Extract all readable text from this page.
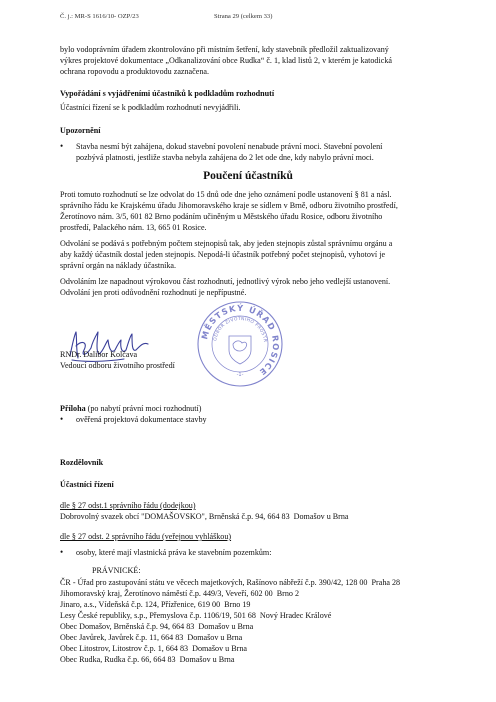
Č. j.: MR-S 1616/10- OZP/23	Strana 29 (celkem 33)
bylo vodoprávním úřadem zkontrolováno při místním šetření, kdy stavebník předložil zaktualizovaný
výkres projektové dokumentace „Odkanalizování obce Rudka“ č. 1, klad listů 2, v kterém je katodická
ochrana ropovodu a produktovodu zaznačena.
Vypořádání s vyjádřeními účastníků k podkladům rozhodnutí
Účastníci řízení se k podkladům rozhodnutí nevyjádřili.
Upozornění
• Stavba nesmí být zahájena, dokud stavební povolení nenabude právní moci. Stavební povolení
pozbývá platnosti, jestliže stavba nebyla zahájena do 2 let ode dne, kdy nabylo právní moci.
Poučení účastníků
Proti tomuto rozhodnutí se lze odvolat do 15 dnů ode dne jeho oznámení podle ustanovení § 81 a násl.
správního řádu ke Krajskému úřadu Jihomoravského kraje se sídlem v Brně, odboru životního prostředí,
Žerotínovo nám. 3/5, 601 82 Brno podáním učiněným u Městského úřadu Rosice, odboru životního
prostředí, Palackého nám. 13, 665 01 Rosice.
Odvolání se podává s potřebným počtem stejnopisů tak, aby jeden stejnopis zůstal správnímu orgánu a
aby každý účastník dostal jeden stejnopis. Nepodá-li účastník potřebný počet stejnopisů, vyhotoví je
správní orgán na náklady účastníka.
Odvoláním lze napadnout výrokovou část rozhodnutí, jednotlivý výrok nebo jeho vedlejší ustanovení.
Odvolání jen proti odůvodnění rozhodnutí je nepřípustné.
MĚSTSKÝ ÚŘAD ROSICE
ODBOR ŽIVOTNÍHO PROSTŘ
-1-
RNDr. Dalibor Kolčava
Vedoucí odboru životního prostředí
Příloha (po nabytí právní moci rozhodnutí)
• ověřená projektová dokumentace stavby
Rozdělovník
Účastníci řízení
dle § 27 odst.1 správního řádu (dodejkou)
Dobrovolný svazek obcí "DOMAŠOVSKO", Brněnská č.p. 94, 664 83  Domašov u Brna
dle § 27 odst. 2 správního řádu (veřejnou vyhláškou)
• osoby, které mají vlastnická práva ke stavebním pozemkům:
PRÁVNICKÉ:
ČR - Úřad pro zastupování státu ve věcech majetkových, Rašínovo nábřeží č.p. 390/42, 128 00  Praha 28
Jihomoravský kraj, Žerotínovo náměstí č.p. 449/3, Veveří, 602 00  Brno 2
Jinaro, a.s., Vídeňská č.p. 124, Přízřenice, 619 00  Brno 19
Lesy České republiky, s.p., Přemyslova č.p. 1106/19, 501 68  Nový Hradec Králové
Obec Domašov, Brněnská č.p. 94, 664 83  Domašov u Brna
Obec Javůrek, Javůrek č.p. 11, 664 83  Domašov u Brna
Obec Litostrov, Litostrov č.p. 1, 664 83  Domašov u Brna
Obec Rudka, Rudka č.p. 66, 664 83  Domašov u Brna
